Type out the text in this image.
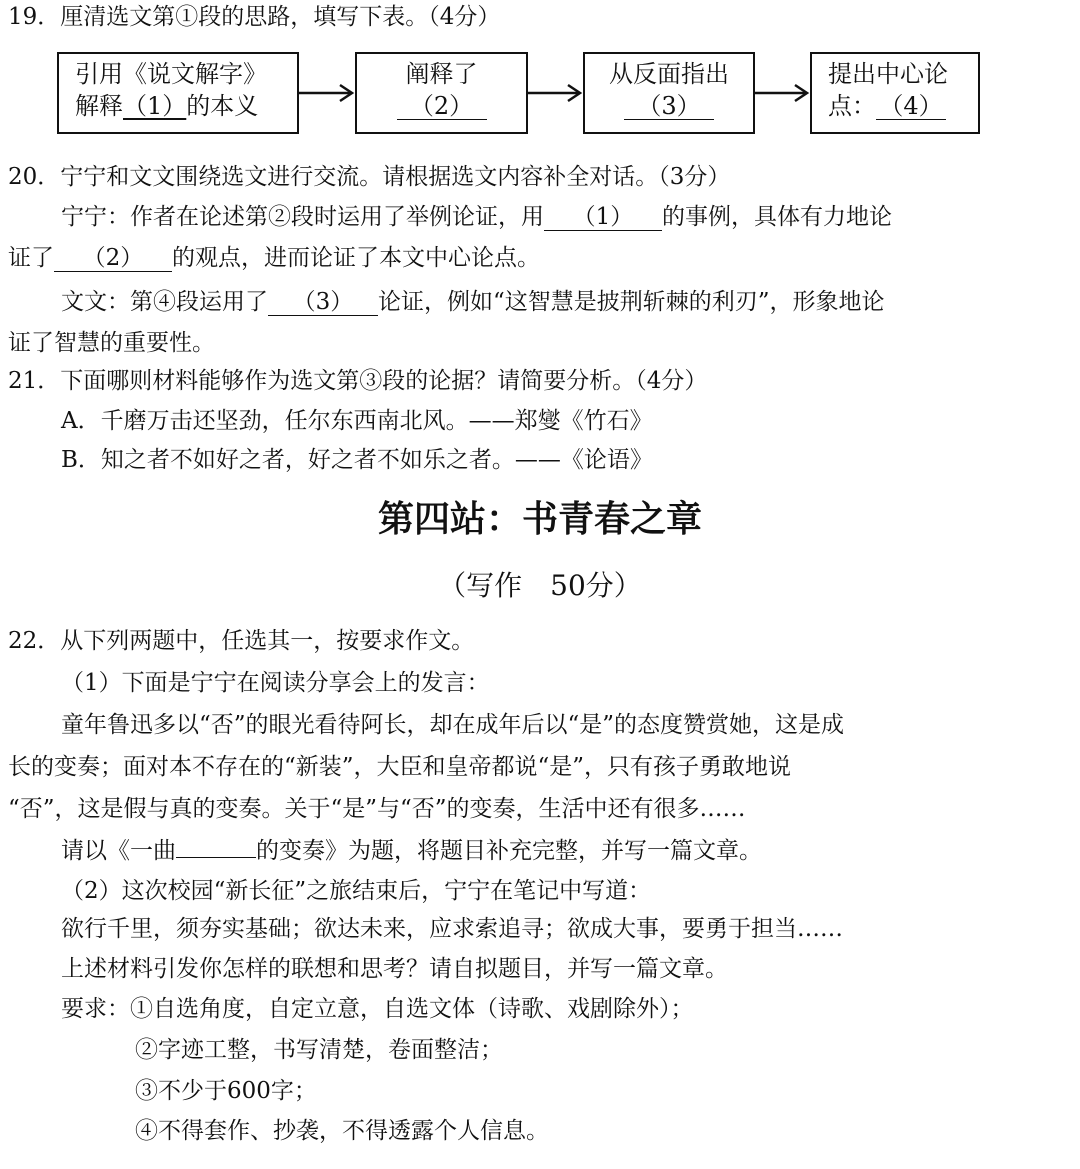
19．厘清选文第①段的思路，填写下表。（4分）
引用《说文解字》
解释（1）的本义
阐释了
（2）
从反面指出
（3）
提出中心论
点： （4）
20．宁宁和文文围绕选文进行交流。请根据选文内容补全对话。（3分）
宁宁：作者在论述第②段时运用了举例论证，用 （1） 的事例，具体有力地论
证了 （2） 的观点，进而论证了本文中心论点。
文文：第④段运用了 （3） 论证，例如“这智慧是披荆斩棘的利刃”，形象地论
证了智慧的重要性。
21．下面哪则材料能够作为选文第③段的论据？请简要分析。（4分）
A．千磨万击还坚劲，任尔东西南北风。——郑燮《竹石》
B．知之者不如好之者，好之者不如乐之者。——《论语》
第四站：书青春之章
（写作　50分）
22．从下列两题中，任选其一，按要求作文。
（1）下面是宁宁在阅读分享会上的发言：
童年鲁迅多以“否”的眼光看待阿长，却在成年后以“是”的态度赞赏她，这是成
长的变奏；面对本不存在的“新装”，大臣和皇帝都说“是”，只有孩子勇敢地说
“否”，这是假与真的变奏。关于“是”与“否”的变奏，生活中还有很多……
请以《一曲	的变奏》为题，将题目补充完整，并写一篇文章。
（2）这次校园“新长征”之旅结束后，宁宁在笔记中写道：
欲行千里，须夯实基础；欲达未来，应求索追寻；欲成大事，要勇于担当……
上述材料引发你怎样的联想和思考？请自拟题目，并写一篇文章。
要求：①自选角度，自定立意，自选文体（诗歌、戏剧除外）；
②字迹工整，书写清楚，卷面整洁；
③不少于600字；
④不得套作、抄袭，不得透露个人信息。
